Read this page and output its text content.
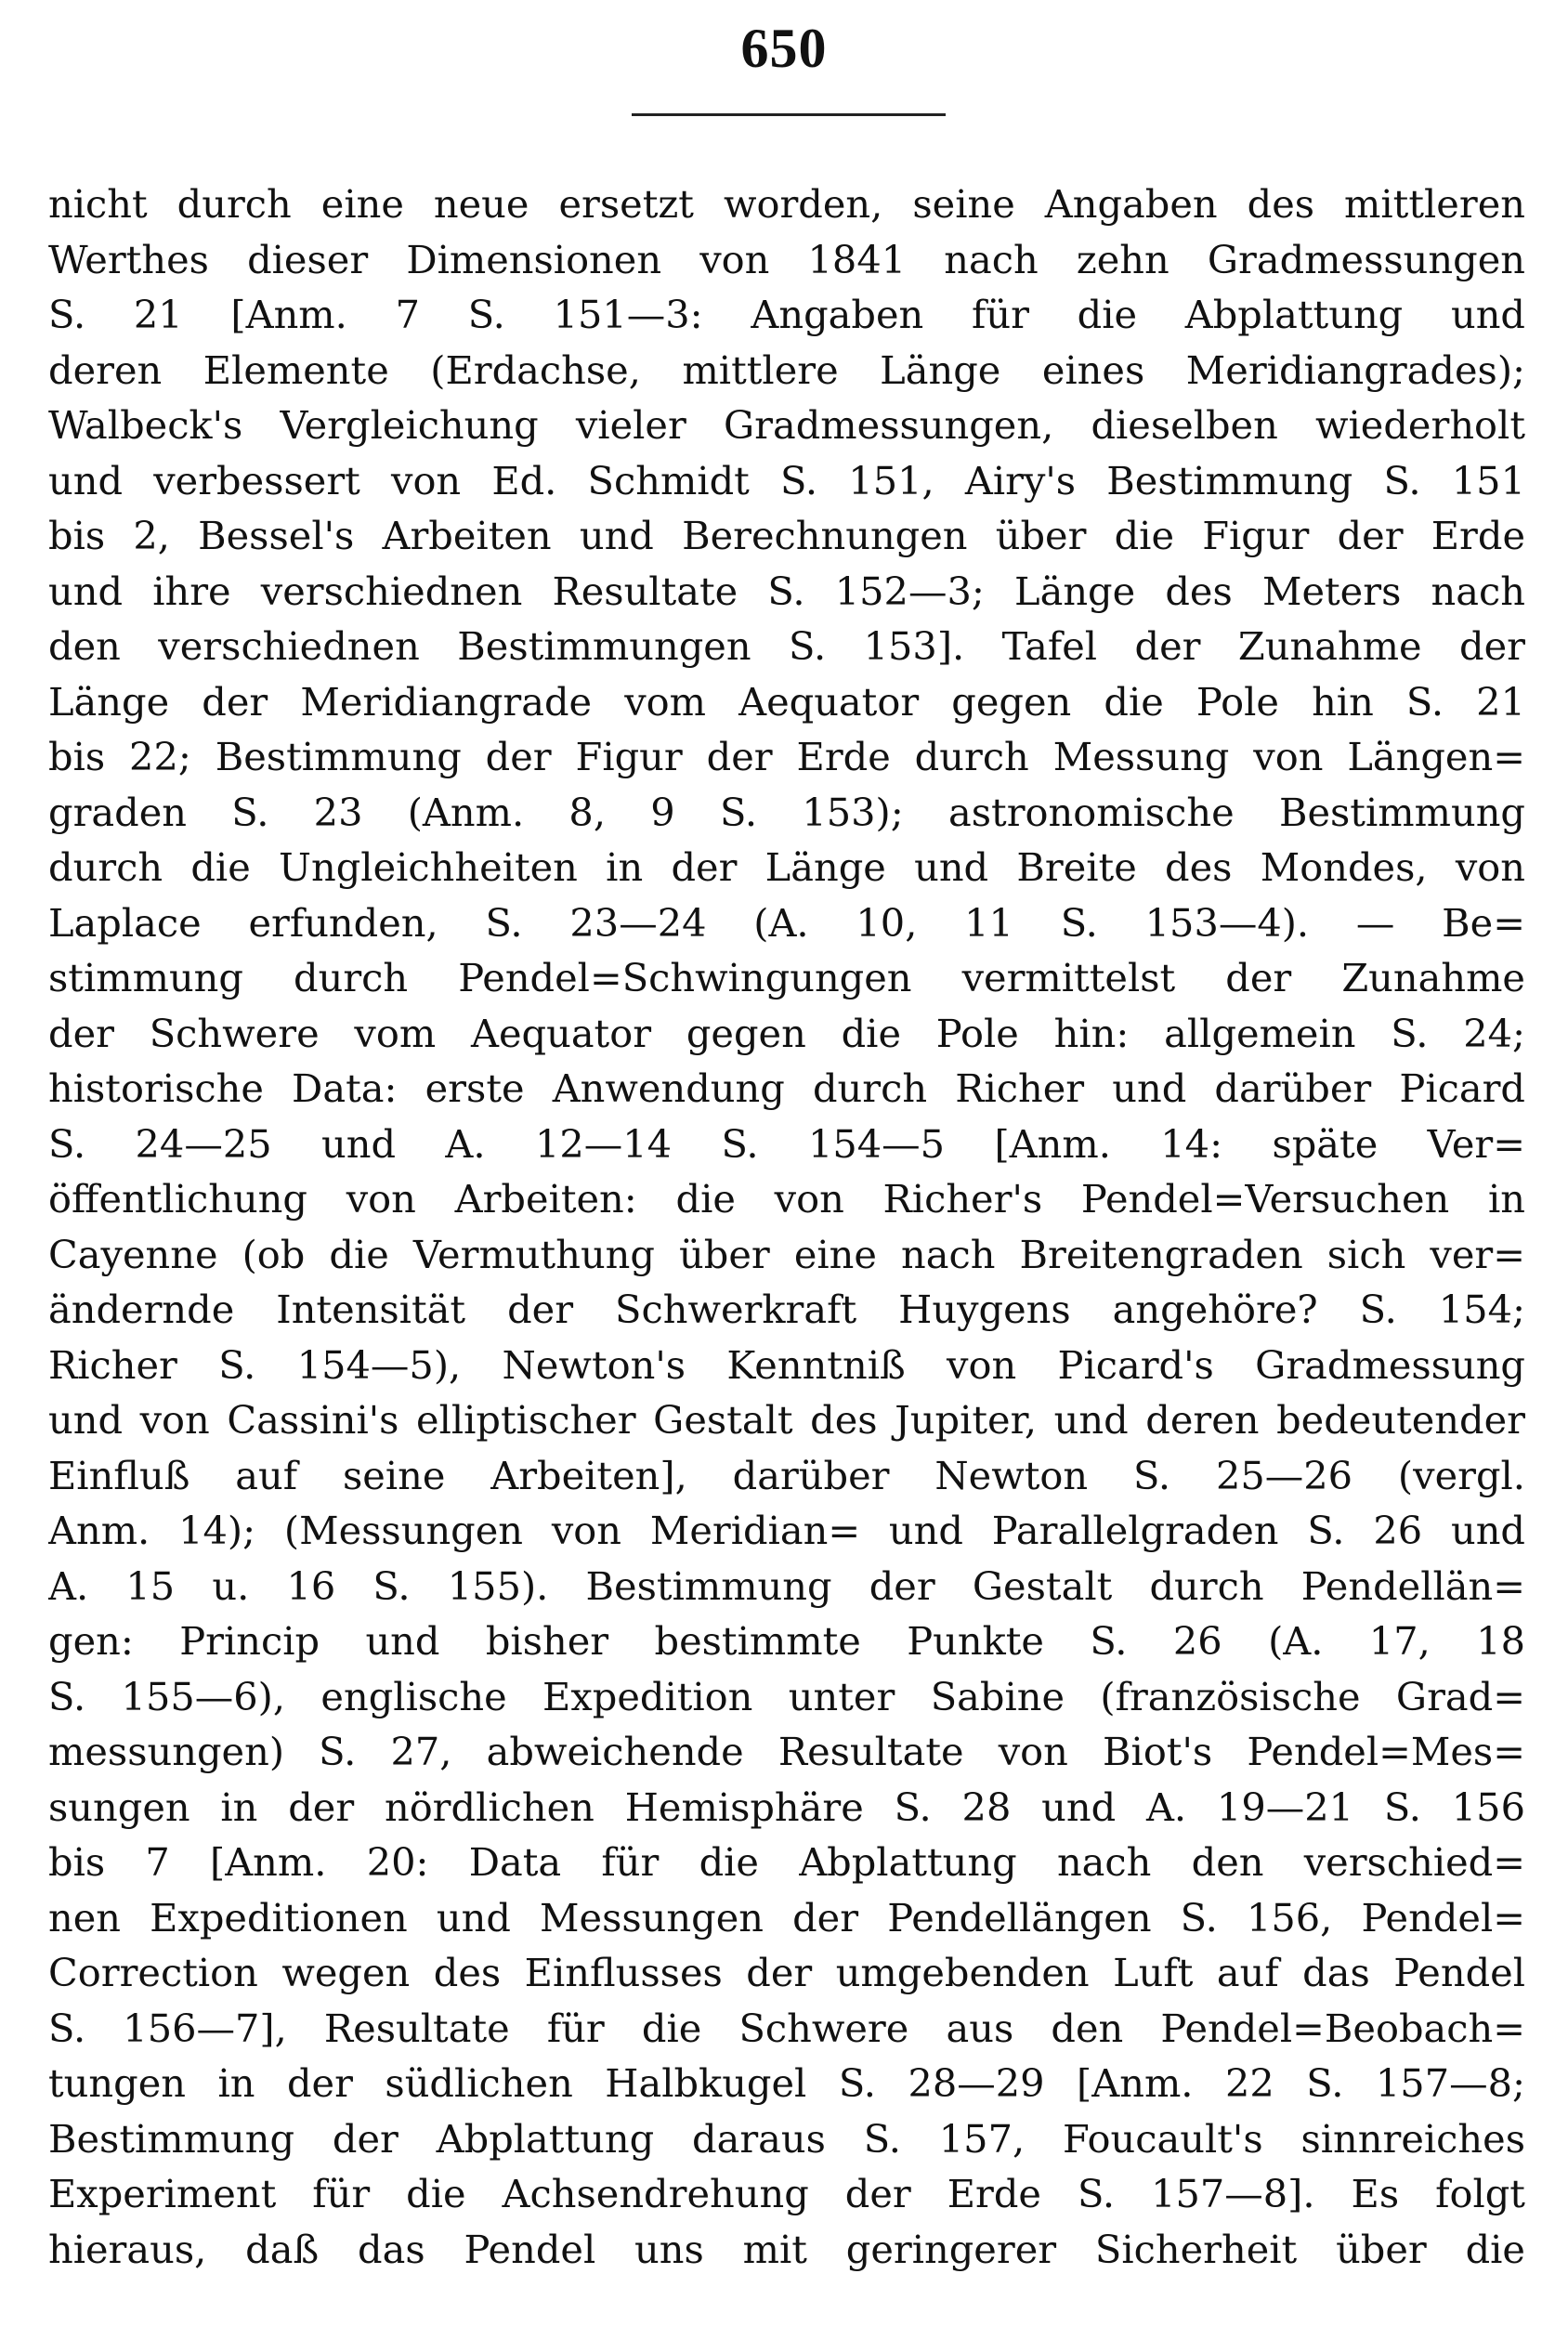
650
nicht durch eine neue ersetzt worden, seine Angaben des mittleren
Werthes dieser Dimensionen von 1841 nach zehn Gradmessungen
S. 21 [Anm. 7 S. 151—3: Angaben für die Abplattung und
deren Elemente (Erdachse, mittlere Länge eines Meridiangrades);
Walbeck's Vergleichung vieler Gradmessungen, dieselben wiederholt
und verbessert von Ed. Schmidt S. 151, Airy's Bestimmung S. 151
bis 2, Bessel's Arbeiten und Berechnungen über die Figur der Erde
und ihre verschiednen Resultate S. 152—3; Länge des Meters nach
den verschiednen Bestimmungen S. 153]. Tafel der Zunahme der
Länge der Meridiangrade vom Aequator gegen die Pole hin S. 21
bis 22; Bestimmung der Figur der Erde durch Messung von Längen=
graden S. 23 (Anm. 8, 9 S. 153); astronomische Bestimmung
durch die Ungleichheiten in der Länge und Breite des Mondes, von
Laplace erfunden, S. 23—24 (A. 10, 11 S. 153—4). — Be=
stimmung durch Pendel=Schwingungen vermittelst der Zunahme
der Schwere vom Aequator gegen die Pole hin: allgemein S. 24;
historische Data: erste Anwendung durch Richer und darüber Picard
S. 24—25 und A. 12—14 S. 154—5 [Anm. 14: späte Ver=
öffentlichung von Arbeiten: die von Richer's Pendel=Versuchen in
Cayenne (ob die Vermuthung über eine nach Breitengraden sich ver=
ändernde Intensität der Schwerkraft Huygens angehöre? S. 154;
Richer S. 154—5), Newton's Kenntniß von Picard's Gradmessung
und von Cassini's elliptischer Gestalt des Jupiter, und deren bedeutender
Einfluß auf seine Arbeiten], darüber Newton S. 25—26 (vergl.
Anm. 14); (Messungen von Meridian= und Parallelgraden S. 26 und
A. 15 u. 16 S. 155). Bestimmung der Gestalt durch Pendellän=
gen: Princip und bisher bestimmte Punkte S. 26 (A. 17, 18
S. 155—6), englische Expedition unter Sabine (französische Grad=
messungen) S. 27, abweichende Resultate von Biot's Pendel=Mes=
sungen in der nördlichen Hemisphäre S. 28 und A. 19—21 S. 156
bis 7 [Anm. 20: Data für die Abplattung nach den verschied=
nen Expeditionen und Messungen der Pendellängen S. 156, Pendel=
Correction wegen des Einflusses der umgebenden Luft auf das Pendel
S. 156—7], Resultate für die Schwere aus den Pendel=Beobach=
tungen in der südlichen Halbkugel S. 28—29 [Anm. 22 S. 157—8;
Bestimmung der Abplattung daraus S. 157, Foucault's sinnreiches
Experiment für die Achsendrehung der Erde S. 157—8]. Es folgt
hieraus, daß das Pendel uns mit geringerer Sicherheit über die
